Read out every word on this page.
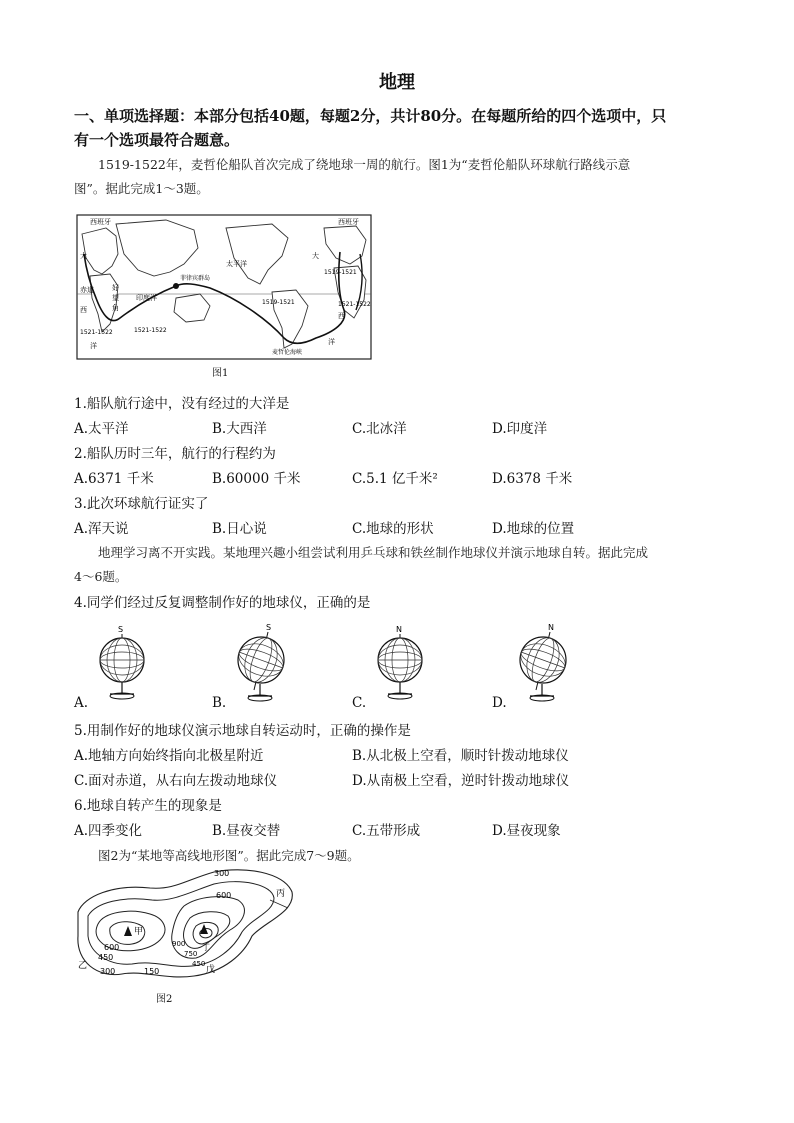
地理
一、单项选择题：本部分包括40题，每题2分，共计80分。在每题所给的四个选项中，只
有一个选项最符合题意。
1519-1522年，麦哲伦船队首次完成了绕地球一周的航行。图1为“麦哲伦船队环球航行路线示意
图”。据此完成1～3题。
西班牙
大
赤道
西
洋
好
望
角
印度洋
1521-1522
1521-1522
太平洋
菲律宾群岛
1519-1521
麦哲伦海峡
西班牙
大
1519-1521
1521-1522
西
洋
图1
1.船队航行途中，没有经过的大洋是
A.太平洋	B.大西洋	C.北冰洋	D.印度洋
2.船队历时三年，航行的行程约为
A.6371 千米	B.60000 千米	C.5.1 亿千米²	D.6378 千米
3.此次环球航行证实了
A.浑天说	B.日心说	C.地球的形状	D.地球的位置
地理学习离不开实践。某地理兴趣小组尝试利用乒乓球和铁丝制作地球仪并演示地球自转。据此完成
4～6题。
4.同学们经过反复调整制作好的地球仪，正确的是
S	S	N	N
A.	B.	C.	D.
5.用制作好的地球仪演示地球自转运动时，正确的操作是
A.地轴方向始终指向北极星附近	B.从北极上空看，顺时针拨动地球仪
C.面对赤道，从右向左拨动地球仪	D.从南极上空看，逆时针拨动地球仪
6.地球自转产生的现象是
A.四季变化	B.昼夜交替	C.五带形成	D.昼夜现象
图2为“某地等高线地形图”。据此完成7～9题。
300
600
600
甲
450
乙
300	150
900
750
450
丙
丁
戊
图2
